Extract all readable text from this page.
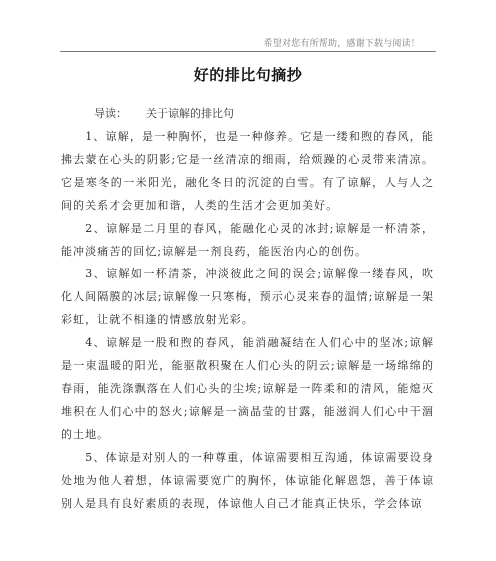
希望对您有所帮助，感谢下载与阅读！
好的排比句摘抄
导读： 关于谅解的排比句

1、谅解，是一种胸怀，也是一种修养。它是一缕和煦的春风，能拂去蒙在心头的阴影;它是一丝清凉的细雨，给烦躁的心灵带来清凉。它是寒冬的一米阳光，融化冬日的沉淀的白雪。有了谅解，人与人之间的关系才会更加和谐，人类的生活才会更加美好。

2、谅解是二月里的春风，能融化心灵的冰封;谅解是一杯清茶，能冲淡痛苦的回忆;谅解是一剂良药，能医治内心的创伤。

3、谅解如一杯清茶，冲淡彼此之间的误会;谅解像一缕春风，吹化人间隔膜的冰层;谅解像一只寒梅，预示心灵来春的温情;谅解是一架彩虹，让就不相逢的情感放射光彩。

4、谅解是一股和煦的春风，能消融凝结在人们心中的坚冰;谅解是一束温暖的阳光，能驱散积聚在人们心头的阴云;谅解是一场绵绵的春雨，能洗涤飘落在人们心头的尘埃;谅解是一阵柔和的清风，能熄灭堆积在人们心中的怒火;谅解是一滴晶莹的甘露，能滋润人们心中干涸的土地。

5、体谅是对别人的一种尊重，体谅需要相互沟通，体谅需要设身处地为他人着想，体谅需要宽广的胸怀，体谅能化解恩怨，善于体谅别人是具有良好素质的表现，体谅他人自己才能真正快乐，学会体谅
